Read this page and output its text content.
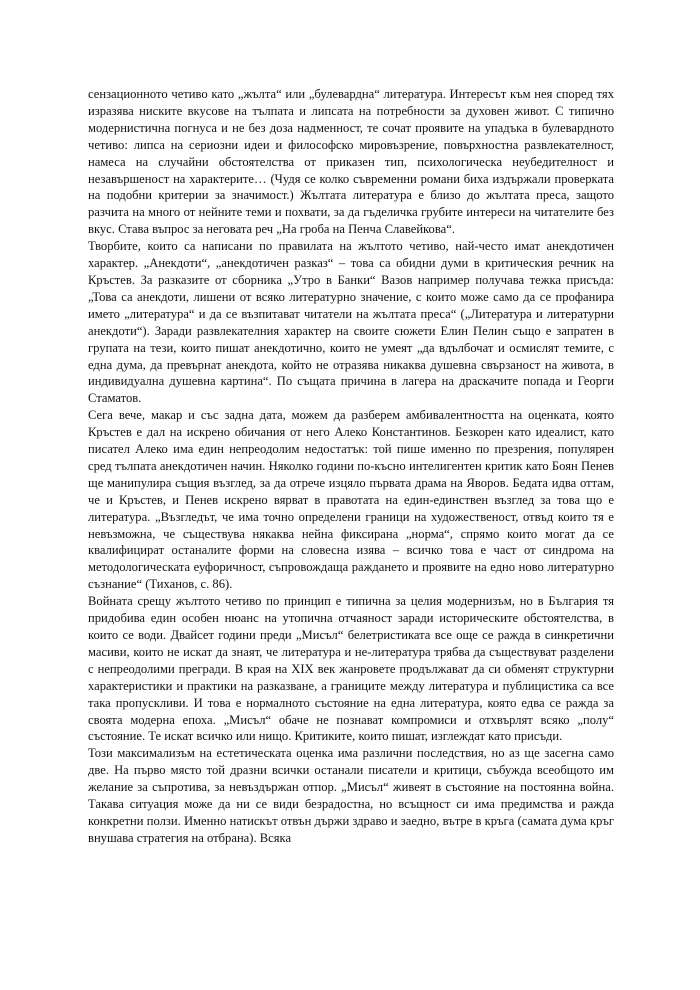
сензационното четиво като „жълта“ или „булевардна“ литература. Интересът към нея според тях изразява ниските вкусове на тълпата и липсата на потребности за духовен живот. С типично модернистична погнуса и не без доза надменност, те сочат проявите на упадъка в булевардното четиво: липса на сериозни идеи и философско мировъзрение, повърхностна развлекателност, намеса на случайни обстоятелства от приказен тип, психологическа неубедителност и незавършеност на характерите… (Чудя се колко съвременни романи биха издържали проверката на подобни критерии за значимост.) Жълтата литература е близо до жълтата преса, защото разчита на много от нейните теми и похвати, за да гъделичка грубите интереси на читателите без вкус. Става въпрос за неговата реч „На гроба на Пенча Славейкова“.

Творбите, които са написани по правилата на жълтото четиво, най-често имат анекдотичен характер. „Анекдоти“, „анекдотичен разказ“ – това са обидни думи в критическия речник на Кръстев. За разказите от сборника „Утро в Банки“ Вазов например получава тежка присъда: „Това са анекдоти, лишени от всяко литературно значение, с които може само да се профанира името „литература“ и да се възпитават читатели на жълтата преса“ („Литература и литературни анекдоти“). Заради развлекателния характер на своите сюжети Елин Пелин също е запратен в групата на тези, които пишат анекдотично, които не умеят „да вдълбочат и осмислят темите, с една дума, да превърнат анекдота, който не отразява никаква душевна свързаност на живота, в индивидуална душевна картина“. По същата причина в лагера на драскачите попада и Георги Стаматов.

Сега вече, макар и със задна дата, можем да разберем амбивалентността на оценката, която Кръстев е дал на искрено обичания от него Алеко Константинов. Безкорен като идеалист, като писател Алеко има един непреодолим недостатък: той пише именно по презрения, популярен сред тълпата анекдотичен начин. Няколко години по-късно интелигентен критик като Боян Пенев ще манипулира същия възглед, за да отрече изцяло първата драма на Яворов. Бедата идва оттам, че и Кръстев, и Пенев искрено вярват в правотата на един-единствен възглед за това що е литература. „Възгледът, че има точно определени граници на художественост, отвъд които тя е невъзможна, че съществува някаква нейна фиксирана „норма“, спрямо които могат да се квалифицират останалите форми на словесна изява – всичко това е част от синдрома на методологическата еуфоричност, съпровождаща раждането и проявите на едно ново литературно съзнание“ (Тиханов, с. 86).

Войната срещу жълтото четиво по принцип е типична за целия модернизъм, но в България тя придобива един особен нюанс на утопична отчаяност заради историческите обстоятелства, в които се води. Двайсет години преди „Мисъл“ белетристиката все още се ражда в синкретични масиви, които не искат да знаят, че литература и не-литература трябва да съществуват разделени с непреодолими прегради. В края на XIX век жанровете продължават да си обменят структурни характеристики и практики на разказване, а границите между литература и публицистика са все така пропускливи. И това е нормалното състояние на една литература, която едва се ражда за своята модерна епоха. „Мисъл“ обаче не познават компромиси и отхвърлят всяко „полу“ състояние. Те искат всичко или нищо. Критиките, които пишат, изглеждат като присъди.

Този максимализъм на естетическата оценка има различни последствия, но аз ще засегна само две. На първо място той дразни всички останали писатели и критици, събужда всеобщото им желание за съпротива, за невъздържан отпор. „Мисъл“ живеят в състояние на постоянна война. Такава ситуация може да ни се види безрадостна, но всъщност си има предимства и ражда конкретни ползи. Именно натискът отвън държи здраво и заедно, вътре в кръга (самата дума кръг внушава стратегия на отбрана). Всяка
